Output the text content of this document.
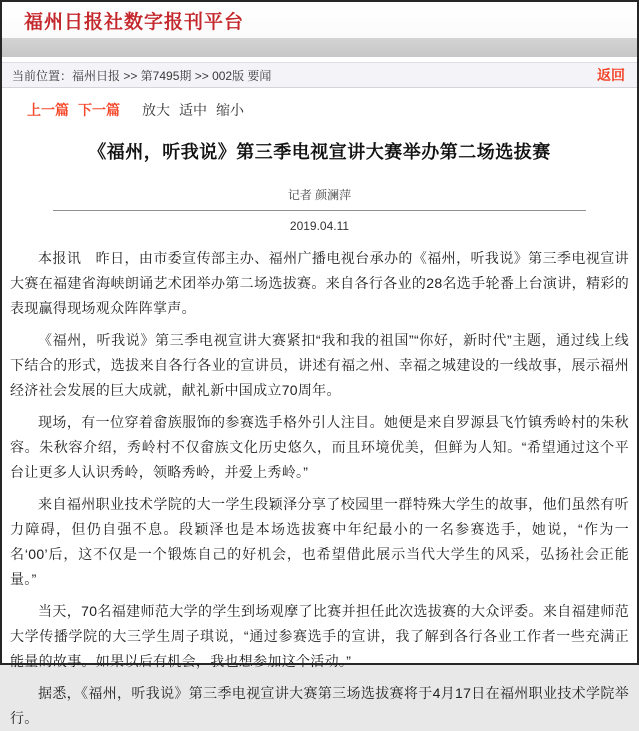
福州日报社数字报刊平台
当前位置：福州日报 >> 第7495期 >> 002版 要闻	返回
上一篇 下一篇 放大 适中 缩小
《福州，听我说》第三季电视宣讲大赛举办第二场选拔赛
记者 颜澜萍
2019.04.11

本报讯　昨日，由市委宣传部主办、福州广播电视台承办的《福州，听我说》第三季电视宣讲大赛在福建省海峡朗诵艺术团举办第二场选拔赛。来自各行各业的28名选手轮番上台演讲，精彩的表现赢得现场观众阵阵掌声。

《福州，听我说》第三季电视宣讲大赛紧扣“我和我的祖国”“你好，新时代”主题，通过线上线下结合的形式，选拔来自各行各业的宣讲员，讲述有福之州、幸福之城建设的一线故事，展示福州经济社会发展的巨大成就，献礼新中国成立70周年。

现场，有一位穿着畲族服饰的参赛选手格外引人注目。她便是来自罗源县飞竹镇秀岭村的朱秋容。朱秋容介绍，秀岭村不仅畲族文化历史悠久，而且环境优美，但鲜为人知。“希望通过这个平台让更多人认识秀岭，领略秀岭，并爱上秀岭。”

来自福州职业技术学院的大一学生段颖泽分享了校园里一群特殊大学生的故事，他们虽然有听力障碍，但仍自强不息。段颖泽也是本场选拔赛中年纪最小的一名参赛选手，她说，“作为一名‘00’后，这不仅是一个锻炼自己的好机会，也希望借此展示当代大学生的风采，弘扬社会正能量。”

当天，70名福建师范大学的学生到场观摩了比赛并担任此次选拔赛的大众评委。来自福建师范大学传播学院的大三学生周子琪说，“通过参赛选手的宣讲，我了解到各行各业工作者一些充满正能量的故事。如果以后有机会，我也想参加这个活动。”

据悉，《福州，听我说》第三季电视宣讲大赛第三场选拔赛将于4月17日在福州职业技术学院举行。
